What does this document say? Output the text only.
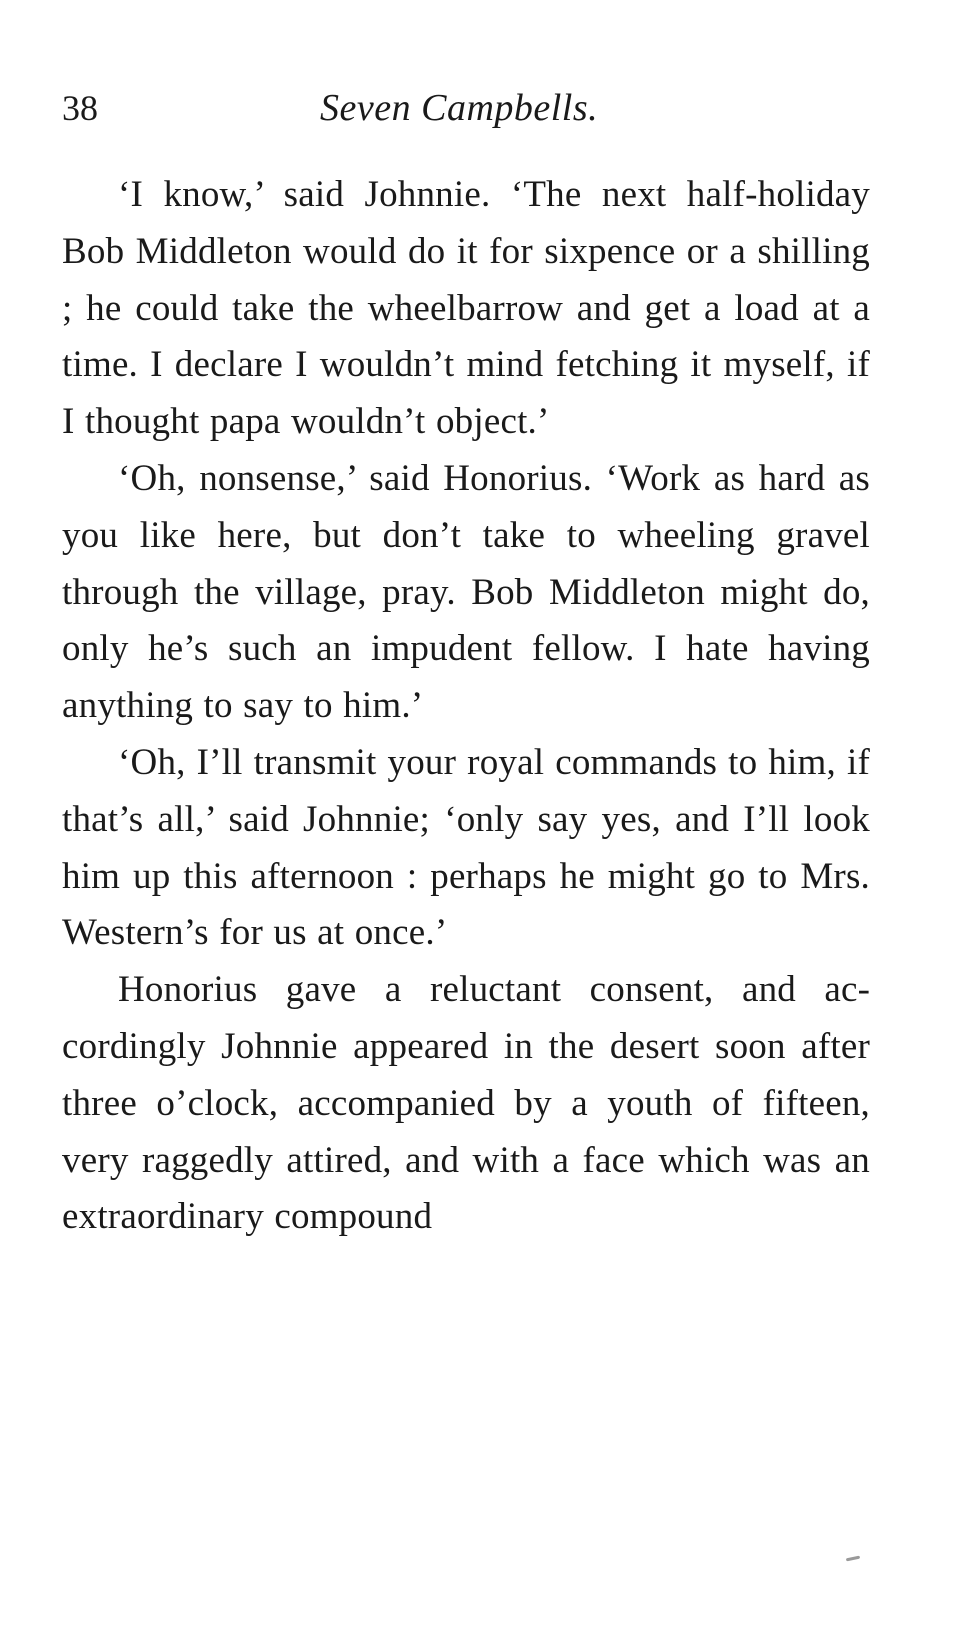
38	Seven Campbells.

‘I know,’ said Johnnie. ‘The next half-holiday Bob Middleton would do it for sixpence or a shilling ; he could take the wheelbarrow and get a load at a time. I declare I wouldn’t mind fetching it myself, if I thought papa wouldn’t object.’

‘Oh, nonsense,’ said Honorius. ‘Work as hard as you like here, but don’t take to wheeling gravel through the village, pray. Bob Middleton might do, only he’s such an impudent fellow. I hate having anything to say to him.’

‘Oh, I’ll transmit your royal commands to him, if that’s all,’ said Johnnie; ‘only say yes, and I’ll look him up this afternoon : perhaps he might go to Mrs. Western’s for us at once.’

Honorius gave a reluctant consent, and accordingly Johnnie appeared in the desert soon after three o’clock, accompanied by a youth of fifteen, very raggedly attired, and with a face which was an extraordinary compound
